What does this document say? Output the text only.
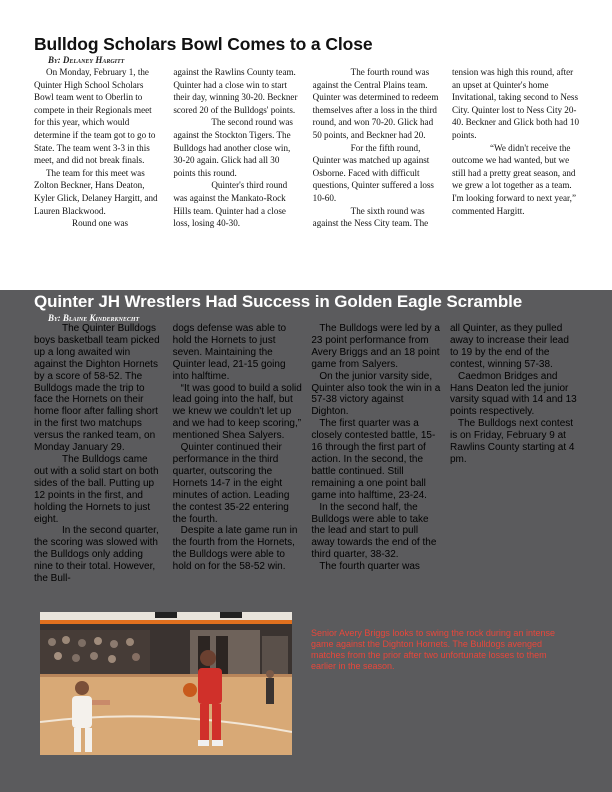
Bulldog Scholars Bowl Comes to a Close
By: Delaney Hargitt

On Monday, February 1, the Quinter High School Scholars Bowl team went to Oberlin to compete in their Regionals meet for this year, which would determine if the team got to go to State. The team went 3-3 in this meet, and did not break finals.

The team for this meet was Zolton Beckner, Hans Deaton, Kyler Glick, Delaney Hargitt, and Lauren Blackwood.

Round one was

against the Rawlins County team. Quinter had a close win to start their day, winning 30-20. Beckner scored 20 of the Bulldogs' points.

The second round was against the Stockton Tigers. The Bulldogs had another close win, 30-20 again. Glick had all 30 points this round.

Quinter's third round was against the Mankato-Rock Hills team. Quinter had a close loss, losing 40-30.

The fourth round was against the Central Plains team. Quinter was determined to redeem themselves after a loss in the third round, and won 70-20. Glick had 50 points, and Beckner had 20.

For the fifth round, Quinter was matched up against Osborne. Faced with difficult questions, Quinter suffered a loss 10-60.

The sixth round was against the Ness City team. The

tension was high this round, after an upset at Quinter's home Invitational, taking second to Ness City. Quinter lost to Ness City 20-40. Beckner and Glick both had 10 points.

“We didn't receive the outcome we had wanted, but we still had a pretty great season, and we grew a lot together as a team. I'm looking forward to next year,” commented Hargitt.

Quinter JH Wrestlers Had Success in Golden Eagle Scramble
By: Blaine Kinderknecht

The Quinter Bulldogs boys basketball team picked up a long awaited win against the Dighton Hornets by a score of 58-52. The Bulldogs made the trip to face the Hornets on their home floor after falling short in the first two matchups versus the ranked team, on Monday January 29.

The Bulldogs came out with a solid start on both sides of the ball. Putting up 12 points in the first, and holding the Hornets to just eight.

In the second quarter, the scoring was slowed with the Bulldogs only adding nine to their total. However, the Bull-

dogs defense was able to hold the Hornets to just seven. Maintaining the Quinter lead, 21-15 going into halftime.

“It was good to build a solid lead going into the half, but we knew we couldn't let up and we had to keep scoring,” mentioned Shea Salyers.

Quinter continued their performance in the third quarter, outscoring the Hornets 14-7 in the eight minutes of action. Leading the contest 35-22 entering the fourth.

Despite a late game run in the fourth from the Hornets, the Bulldogs were able to hold on for the 58-52 win.

The Bulldogs were led by a 23 point performance from Avery Briggs and an 18 point game from Salyers.

On the junior varsity side, Quinter also took the win in a 57-38 victory against Dighton.

The first quarter was a closely contested battle, 15-16 through the first part of action. In the second, the battle continued. Still remaining a one point ball game into halftime, 23-24.

In the second half, the Bulldogs were able to take the lead and start to pull away towards the end of the third quarter, 38-32.

The fourth quarter was

all Quinter, as they pulled away to increase their lead to 19 by the end of the contest, winning 57-38.

Caedmon Bridges and Hans Deaton led the junior varsity squad with 14 and 13 points respectively.

The Bulldogs next contest is on Friday, February 9 at Rawlins County starting at 4 pm.

Senior Avery Briggs looks to swing the rock during an intense game against the Dighton Hornets. The Bulldogs avenged matches from the prior after two unfortunate losses to them earlier in the season.
